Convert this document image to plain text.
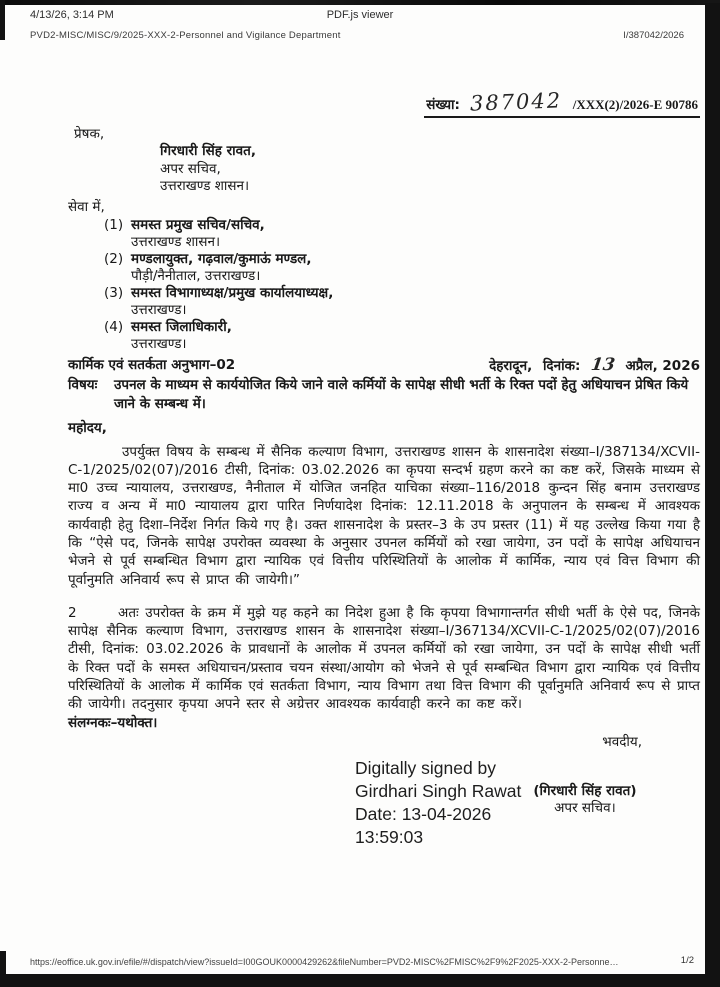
4/13/26, 3:14 PM	PDF.js viewer
PVD2-MISC/MISC/9/2025-XXX-2-Personnel and Vigilance Department	I/387042/2026
संख्या: 387042 /XXX(2)/2026-E 90786
प्रेषक,
गिरधारी सिंह रावत,
अपर सचिव,
उत्तराखण्ड शासन।
सेवा में,
(1) समस्त प्रमुख सचिव/सचिव,
उत्तराखण्ड शासन।
(2) मण्डलायुक्त, गढ़वाल/कुमाऊं मण्डल,
पौड़ी/नैनीताल, उत्तराखण्ड।
(3) समस्त विभागाध्यक्ष/प्रमुख कार्यालयाध्यक्ष,
उत्तराखण्ड।
(4) समस्त जिलाधिकारी,
उत्तराखण्ड।
कार्मिक एवं सतर्कता अनुभाग–02	देहरादून, दिनांक: 13 अप्रैल, 2026
विषयः	उपनल के माध्यम से कार्ययोजित किये जाने वाले कर्मियों के सापेक्ष सीधी भर्ती के रिक्त पदों हेतु अधियाचन प्रेषित किये जाने के सम्बन्ध में।
महोदय,

उपर्युक्त विषय के सम्बन्ध में सैनिक कल्याण विभाग, उत्तराखण्ड शासन के शासनादेश संख्या–I/387134/XCVII-C-1/2025/02(07)/2016 टीसी, दिनांक: 03.02.2026 का कृपया सन्दर्भ ग्रहण करने का कष्ट करें, जिसके माध्यम से मा0 उच्च न्यायालय, उत्तराखण्ड, नैनीताल में योजित जनहित याचिका संख्या–116/2018 कुन्दन सिंह बनाम उत्तराखण्ड राज्य व अन्य में मा0 न्यायालय द्वारा पारित निर्णयादेश दिनांक: 12.11.2018 के अनुपालन के सम्बन्ध में आवश्यक कार्यवाही हेतु दिशा–निर्देश निर्गत किये गए है। उक्त शासनादेश के प्रस्तर–3 के उप प्रस्तर (11) में यह उल्लेख किया गया है कि “ऐसे पद, जिनके सापेक्ष उपरोक्त व्यवस्था के अनुसार उपनल कर्मियों को रखा जायेगा, उन पदों के सापेक्ष अधियाचन भेजने से पूर्व सम्बन्धित विभाग द्वारा न्यायिक एवं वित्तीय परिस्थितियों के आलोक में कार्मिक, न्याय एवं वित्त विभाग की पूर्वानुमति अनिवार्य रूप से प्राप्त की जायेगी।”

2	अतः उपरोक्त के क्रम में मुझे यह कहने का निदेश हुआ है कि कृपया विभागान्तर्गत सीधी भर्ती के ऐसे पद, जिनके सापेक्ष सैनिक कल्याण विभाग, उत्तराखण्ड शासन के शासनादेश संख्या–I/367134/XCVII-C-1/2025/02(07)/2016 टीसी, दिनांक: 03.02.2026 के प्रावधानों के आलोक में उपनल कर्मियों को रखा जायेगा, उन पदों के सापेक्ष सीधी भर्ती के रिक्त पदों के समस्त अधियाचन/प्रस्ताव चयन संस्था/आयोग को भेजने से पूर्व सम्बन्धित विभाग द्वारा न्यायिक एवं वित्तीय परिस्थितियों के आलोक में कार्मिक एवं सतर्कता विभाग, न्याय विभाग तथा वित्त विभाग की पूर्वानुमति अनिवार्य रूप से प्राप्त की जायेगी। तदनुसार कृपया अपने स्तर से अग्रेत्तर आवश्यक कार्यवाही करने का कष्ट करें।

संलग्नकः–यथोक्त।
भवदीय,
Digitally signed by
Girdhari Singh Rawat
Date: 13-04-2026
13:59:03
(गिरधारी सिंह रावत)
अपर सचिव।
https://eoffice.uk.gov.in/efile/#/dispatch/view?issueId=I00GOUK0000429262&fileNumber=PVD2-MISC%2FMISC%2F9%2F2025-XXX-2-Personne…	1/2
